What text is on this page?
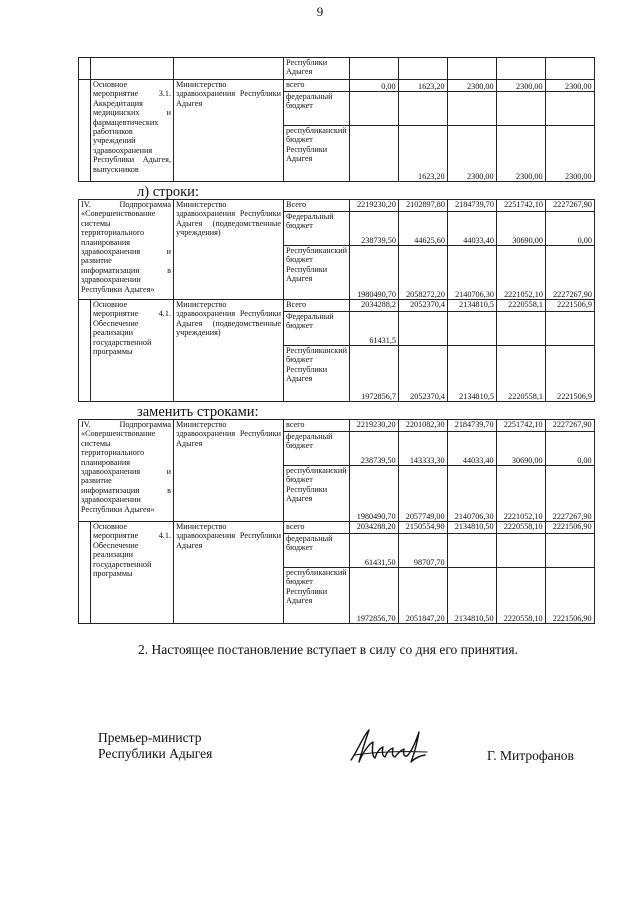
9
			Республики
Адыгея					
	Основное мероприятие 3.1. Аккредитация медицинских и фармацевтических работников учреждений здравоохранения Республики Адыгея, выпускников	Министерство здравоохранения Республики Адыгея	всего	0,00	1623,20	2300,00	2300,00	2300,00
			федеральный бюджет					
			республиканский бюджет Республики Адыгея		1623,20	2300,00	2300,00	2300,00
л) строки:
IV. Подпрограмма «Совершенствование системы территориального планирования здравоохранения и развитие информатизации в здравоохранении Республики Адыгея»		Министерство здравоохранения Республики Адыгея (подведомственные учреждения)	Всего	2219230,20	2102897,80	2184739,70	2251742,10	2227267,90
			Федеральный бюджет	238739,50	44625,60	44033,40	30690,00	0,00
			Республиканский бюджет Республики Адыгея	1980490,70	2058272,20	2140706,30	2221052,10	2227267,90
	Основное мероприятие 4.1. Обеспечение реализации государственной программы	Министерство здравоохранения Республики Адыгея (подведомственные учреждения)	Всего	2034288,2	2052370,4	2134810,5	2220558,1	2221506,9
			Федеральный бюджет	61431,5				
			Республиканский бюджет Республики Адыгея	1972856,7	2052370,4	2134810,5	2220558,1	2221506,9
заменить строками:
IV. Подпрограмма «Совершенствование системы территориального планирования здравоохранения и развитие информатизации в здравоохранении Республики Адыгея»		Министерство здравоохранения Республики Адыгея	всего	2219230,20	2201082,30	2184739,70	2251742,10	2227267,90
			федеральный бюджет	238739,50	143333,30	44033,40	30690,00	0,00
			республиканский бюджет Республики Адыгея	1980490,70	2057749,00	2140706,30	2221052,10	2227267,90
	Основное мероприятие 4.1. Обеспечение реализации государственной программы	Министерство здравоохранения Республики Адыгея	всего	2034288,20	2150554,90	2134810,50	2220558,10	2221506,90
			федеральный бюджет	61431,50	98707,70			
			республиканский бюджет Республики Адыгея	1972856,70	2051847,20	2134810,50	2220558,10	2221506,90
2. Настоящее постановление вступает в силу со дня его принятия.
Премьер-министр
Республики Адыгея	Г. Митрофанов
